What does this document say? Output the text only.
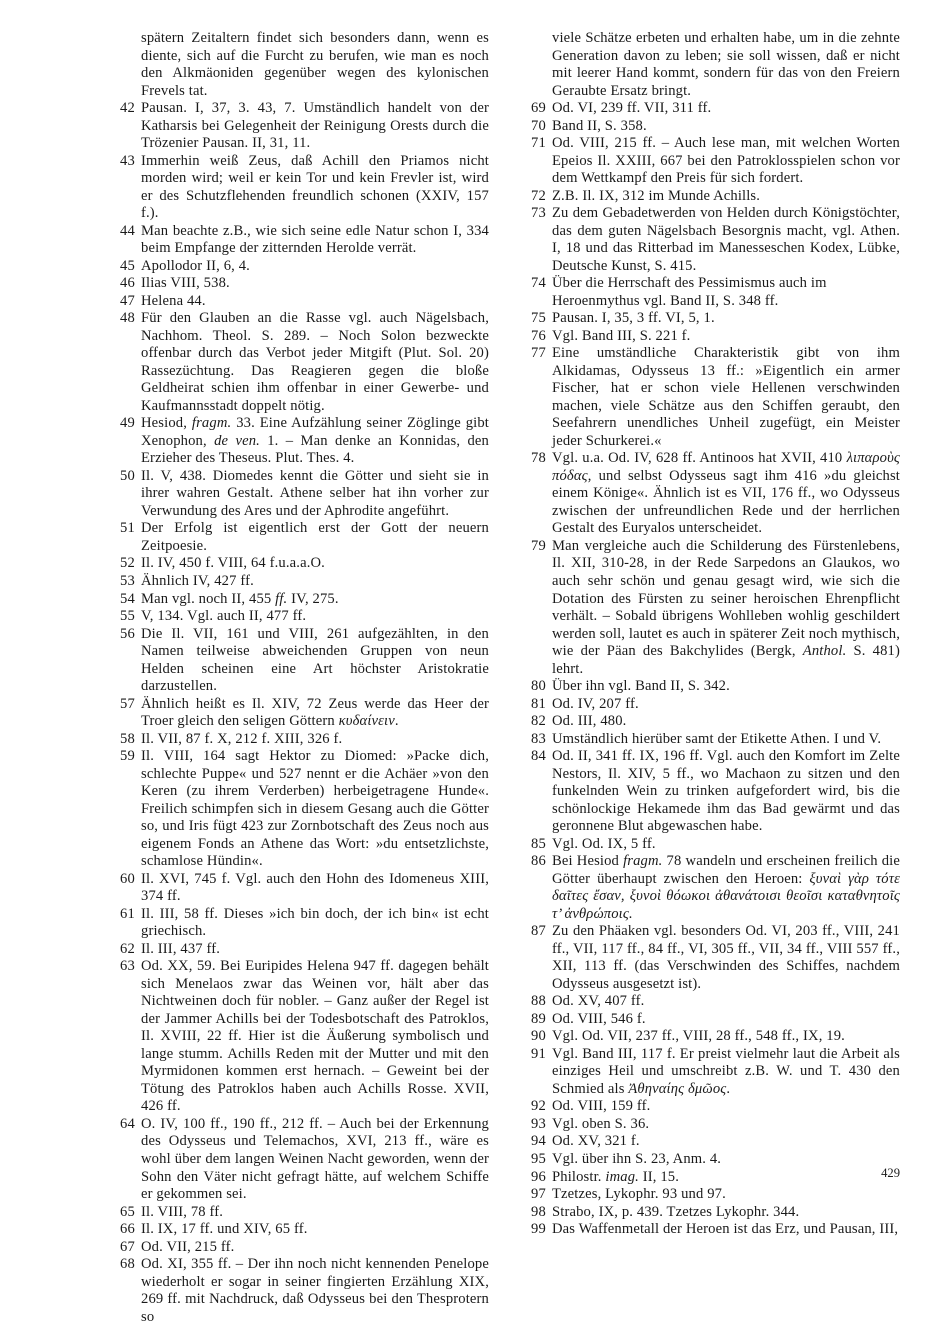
spätern Zeitaltern findet sich besonders dann, wenn es diente, sich auf die Furcht zu berufen, wie man es noch den Alkmäoniden gegenüber wegen des kylonischen Frevels tat.
42 Pausan. I, 37, 3. 43, 7. Umständlich handelt von der Katharsis bei Gelegenheit der Reinigung Orests durch die Trözenier Pausan. II, 31, 11.
43 Immerhin weiß Zeus, daß Achill den Priamos nicht morden wird; weil er kein Tor und kein Frevler ist, wird er des Schutzflehenden freundlich schonen (XXIV, 157 f.).
44 Man beachte z.B., wie sich seine edle Natur schon I, 334 beim Empfange der zitternden Herolde verrät.
45 Apollodor II, 6, 4.
46 Ilias VIII, 538.
47 Helena 44.
48 Für den Glauben an die Rasse vgl. auch Nägelsbach, Nachhom. Theol. S. 289. – Noch Solon bezweckte offenbar durch das Verbot jeder Mitgift (Plut. Sol. 20) Rassezüchtung. Das Reagieren gegen die bloße Geldheirat schien ihm offenbar in einer Gewerbe- und Kaufmannsstadt doppelt nötig.
49 Hesiod, fragm. 33. Eine Aufzählung seiner Zöglinge gibt Xenophon, de ven. 1. – Man denke an Konnidas, den Erzieher des Theseus. Plut. Thes. 4.
50 Il. V, 438. Diomedes kennt die Götter und sieht sie in ihrer wahren Gestalt. Athene selber hat ihn vorher zur Verwundung des Ares und der Aphrodite angeführt.
51 Der Erfolg ist eigentlich erst der Gott der neuern Zeitpoesie.
52 Il. IV, 450 f. VIII, 64 f.u.a.a.O.
53 Ähnlich IV, 427 ff.
54 Man vgl. noch II, 455 ff. IV, 275.
55 V, 134. Vgl. auch II, 477 ff.
56 Die Il. VII, 161 und VIII, 261 aufgezählten, in den Namen teilweise abweichenden Gruppen von neun Helden scheinen eine Art höchster Aristokratie darzustellen.
57 Ähnlich heißt es Il. XIV, 72 Zeus werde das Heer der Troer gleich den seligen Göttern κυδαίνειν.
58 Il. VII, 87 f. X, 212 f. XIII, 326 f.
59 Il. VIII, 164 sagt Hektor zu Diomed: »Packe dich, schlechte Puppe« und 527 nennt er die Achäer »von den Keren (zu ihrem Verderben) herbeigetragene Hunde«. Freilich schimpfen sich in diesem Gesang auch die Götter so, und Iris fügt 423 zur Zornbotschaft des Zeus noch aus eigenem Fonds an Athene das Wort: »du entsetzlichste, schamlose Hündin«.
60 Il. XVI, 745 f. Vgl. auch den Hohn des Idomeneus XIII, 374 ff.
61 Il. III, 58 ff. Dieses »ich bin doch, der ich bin« ist echt griechisch.
62 Il. III, 437 ff.
63 Od. XX, 59. Bei Euripides Helena 947 ff. dagegen behält sich Menelaos zwar das Weinen vor, hält aber das Nichtweinen doch für nobler. – Ganz außer der Regel ist der Jammer Achills bei der Todesbotschaft des Patroklos, Il. XVIII, 22 ff. Hier ist die Äußerung symbolisch und lange stumm. Achills Reden mit der Mutter und mit den Myrmidonen kommen erst hernach. – Geweint bei der Tötung des Patroklos haben auch Achills Rosse. XVII, 426 ff.
64 O. IV, 100 ff., 190 ff., 212 ff. – Auch bei der Erkennung des Odysseus und Telemachos, XVI, 213 ff., wäre es wohl über dem langen Weinen Nacht geworden, wenn der Sohn den Väter nicht gefragt hätte, auf welchem Schiffe er gekommen sei.
65 Il. VIII, 78 ff.
66 Il. IX, 17 ff. und XIV, 65 ff.
67 Od. VII, 215 ff.
68 Od. XI, 355 ff. – Der ihn noch nicht kennenden Penelope wiederholt er sogar in seiner fingierten Erzählung XIX, 269 ff. mit Nachdruck, daß Odysseus bei den Thesprotern so
viele Schätze erbeten und erhalten habe, um in die zehnte Generation davon zu leben; sie soll wissen, daß er nicht mit leerer Hand kommt, sondern für das von den Freiern Geraubte Ersatz bringt.
69 Od. VI, 239 ff. VII, 311 ff.
70 Band II, S. 358.
71 Od. VIII, 215 ff. – Auch lese man, mit welchen Worten Epeios Il. XXIII, 667 bei den Patroklosspielen schon vor dem Wettkampf den Preis für sich fordert.
72 Z.B. Il. IX, 312 im Munde Achills.
73 Zu dem Gebadetwerden von Helden durch Königstöchter, das dem guten Nägelsbach Besorgnis macht, vgl. Athen. I, 18 und das Ritterbad im Manesseschen Kodex, Lübke, Deutsche Kunst, S. 415.
74 Über die Herrschaft des Pessimismus auch im Heroenmythus vgl. Band II, S. 348 ff.
75 Pausan. I, 35, 3 ff. VI, 5, 1.
76 Vgl. Band III, S. 221 f.
77 Eine umständliche Charakteristik gibt von ihm Alkidamas, Odysseus 13 ff.: »Eigentlich ein armer Fischer, hat er schon viele Hellenen verschwinden machen, viele Schätze aus den Schiffen geraubt, den Seefahrern unendliches Unheil zugefügt, ein Meister jeder Schurkerei.«
78 Vgl. u.a. Od. IV, 628 ff. Antinoos hat XVII, 410 λιπαροὺς πόδας, und selbst Odysseus sagt ihm 416 »du gleichst einem Könige«. Ähnlich ist es VII, 176 ff., wo Odysseus zwischen der unfreundlichen Rede und der herrlichen Gestalt des Euryalos unterscheidet.
79 Man vergleiche auch die Schilderung des Fürstenlebens, Il. XII, 310-28, in der Rede Sarpedons an Glaukos, wo auch sehr schön und genau gesagt wird, wie sich die Dotation des Fürsten zu seiner heroischen Ehrenpflicht verhält. – Sobald übrigens Wohlleben wohlig geschildert werden soll, lautet es auch in späterer Zeit noch mythisch, wie der Päan des Bakchylides (Bergk, Anthol. S. 481) lehrt.
80 Über ihn vgl. Band II, S. 342.
81 Od. IV, 207 ff.
82 Od. III, 480.
83 Umständlich hierüber samt der Etikette Athen. I und V.
84 Od. II, 341 ff. IX, 196 ff. Vgl. auch den Komfort im Zelte Nestors, Il. XIV, 5 ff., wo Machaon zu sitzen und den funkelnden Wein zu trinken aufgefordert wird, bis die schönlockige Hekamede ihm das Bad gewärmt und das geronnene Blut abgewaschen habe.
85 Vgl. Od. IX, 5 ff.
86 Bei Hesiod fragm. 78 wandeln und erscheinen freilich die Götter überhaupt zwischen den Heroen: ξυναὶ γὰρ τότε δαῖτες ἔσαν, ξυνοὶ θόωκοι ἀθανάτοισι θεοῖσι καταθνητοῖς τ’ ἀνθρώποις.
87 Zu den Phäaken vgl. besonders Od. VI, 203 ff., VIII, 241 ff., VII, 117 ff., 84 ff., VI, 305 ff., VII, 34 ff., VIII 557 ff., XII, 113 ff. (das Verschwinden des Schiffes, nachdem Odysseus ausgesetzt ist).
88 Od. XV, 407 ff.
89 Od. VIII, 546 f.
90 Vgl. Od. VII, 237 ff., VIII, 28 ff., 548 ff., IX, 19.
91 Vgl. Band III, 117 f. Er preist vielmehr laut die Arbeit als einziges Heil und umschreibt z.B. W. und T. 430 den Schmied als Ἀθηναίης δμῶος.
92 Od. VIII, 159 ff.
93 Vgl. oben S. 36.
94 Od. XV, 321 f.
95 Vgl. über ihn S. 23, Anm. 4.
96 Philostr. imag. II, 15.
97 Tzetzes, Lykophr. 93 und 97.
98 Strabo, IX, p. 439. Tzetzes Lykophr. 344.
99 Das Waffenmetall der Heroen ist das Erz, und Pausan, III,
429
